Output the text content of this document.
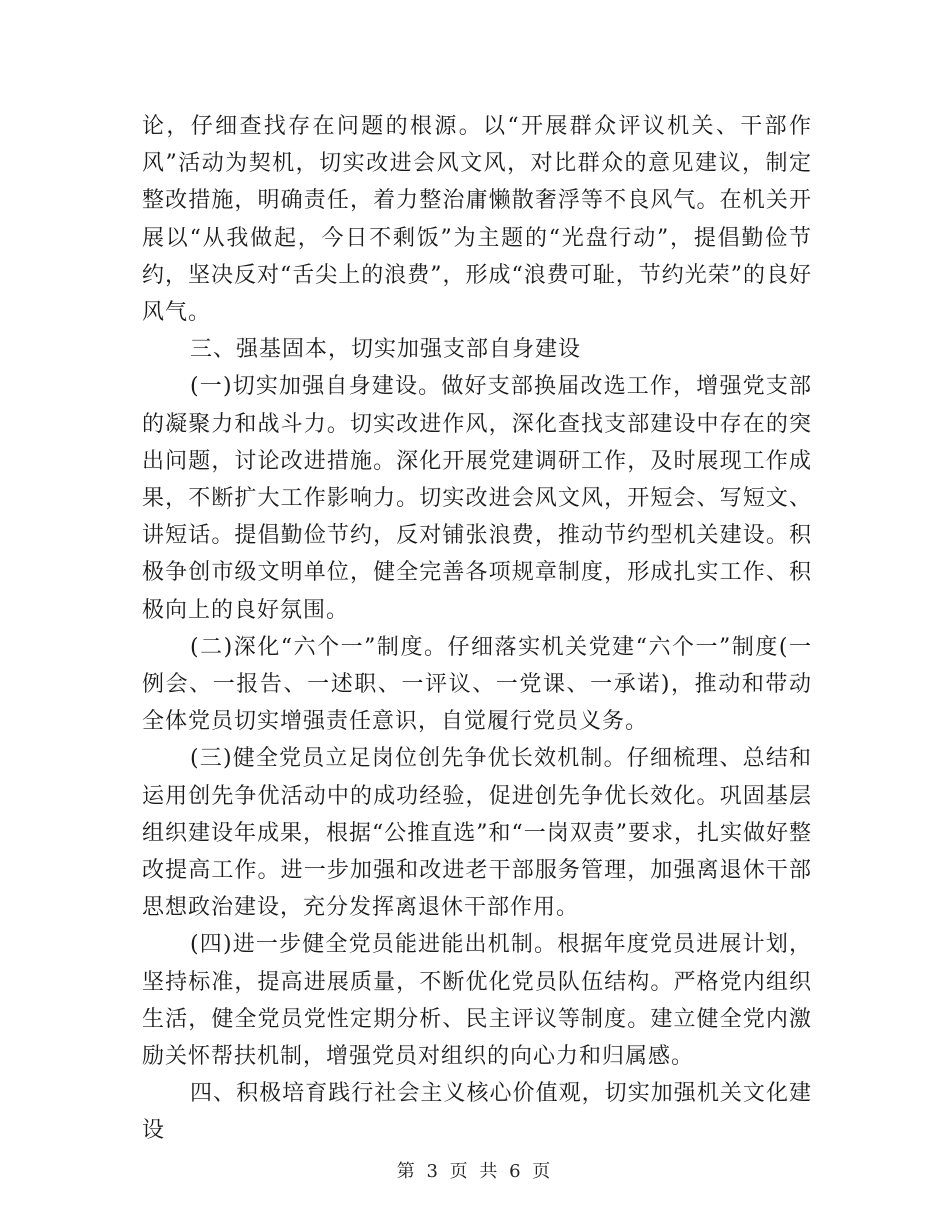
论，仔细查找存在问题的根源。以“开展群众评议机关、干部作风”活动为契机，切实改进会风文风，对比群众的意见建议，制定整改措施，明确责任，着力整治庸懒散奢浮等不良风气。在机关开展以“从我做起，今日不剩饭”为主题的“光盘行动”，提倡勤俭节约，坚决反对“舌尖上的浪费”，形成“浪费可耻，节约光荣”的良好风气。

三、强基固本，切实加强支部自身建设

(一)切实加强自身建设。做好支部换届改选工作，增强党支部的凝聚力和战斗力。切实改进作风，深化查找支部建设中存在的突出问题，讨论改进措施。深化开展党建调研工作，及时展现工作成果，不断扩大工作影响力。切实改进会风文风，开短会、写短文、讲短话。提倡勤俭节约，反对铺张浪费，推动节约型机关建设。积极争创市级文明单位，健全完善各项规章制度，形成扎实工作、积极向上的良好氛围。

(二)深化“六个一”制度。仔细落实机关党建“六个一”制度(一例会、一报告、一述职、一评议、一党课、一承诺)，推动和带动全体党员切实增强责任意识，自觉履行党员义务。

(三)健全党员立足岗位创先争优长效机制。仔细梳理、总结和运用创先争优活动中的成功经验，促进创先争优长效化。巩固基层组织建设年成果，根据“公推直选”和“一岗双责”要求，扎实做好整改提高工作。进一步加强和改进老干部服务管理，加强离退休干部思想政治建设，充分发挥离退休干部作用。

(四)进一步健全党员能进能出机制。根据年度党员进展计划，坚持标准，提高进展质量，不断优化党员队伍结构。严格党内组织生活，健全党员党性定期分析、民主评议等制度。建立健全党内激励关怀帮扶机制，增强党员对组织的向心力和归属感。

四、积极培育践行社会主义核心价值观，切实加强机关文化建设

第 3 页 共 6 页
